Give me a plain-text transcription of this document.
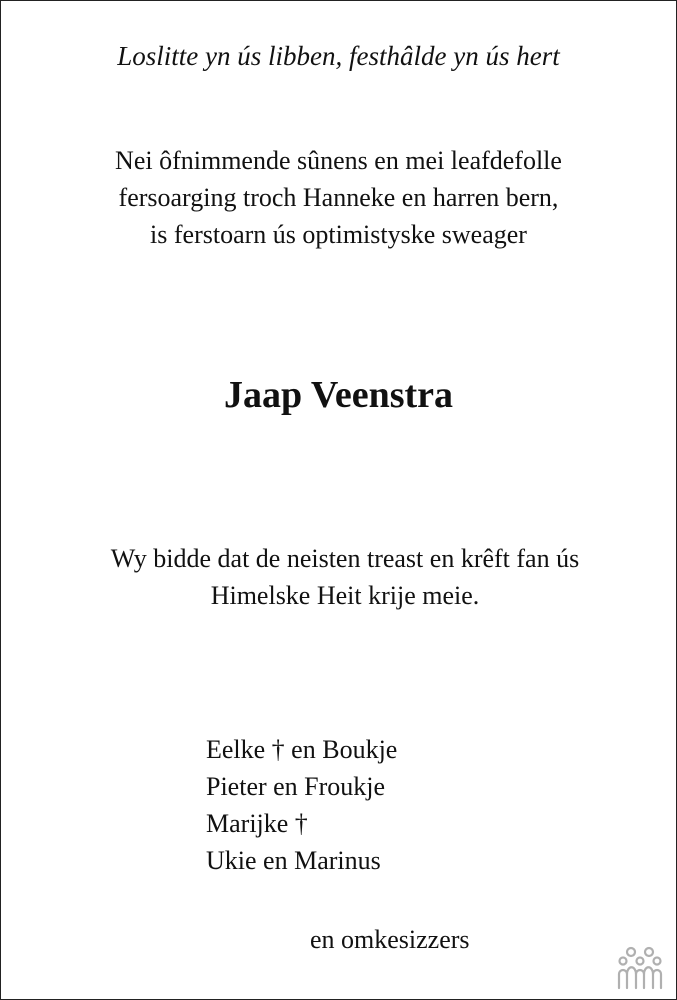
Loslitte yn ús libben, festhâlde yn ús hert
Nei ôfnimmende sûnens en mei leafdefolle
fersoarging troch Hanneke en harren bern,
is ferstoarn ús optimistyske sweager
Jaap Veenstra
Wy bidde dat de neisten treast en krêft fan ús
Himelske Heit krije meie.
Eelke † en Boukje
Pieter en Froukje
Marijke †
Ukie en Marinus
en omkesizzers
